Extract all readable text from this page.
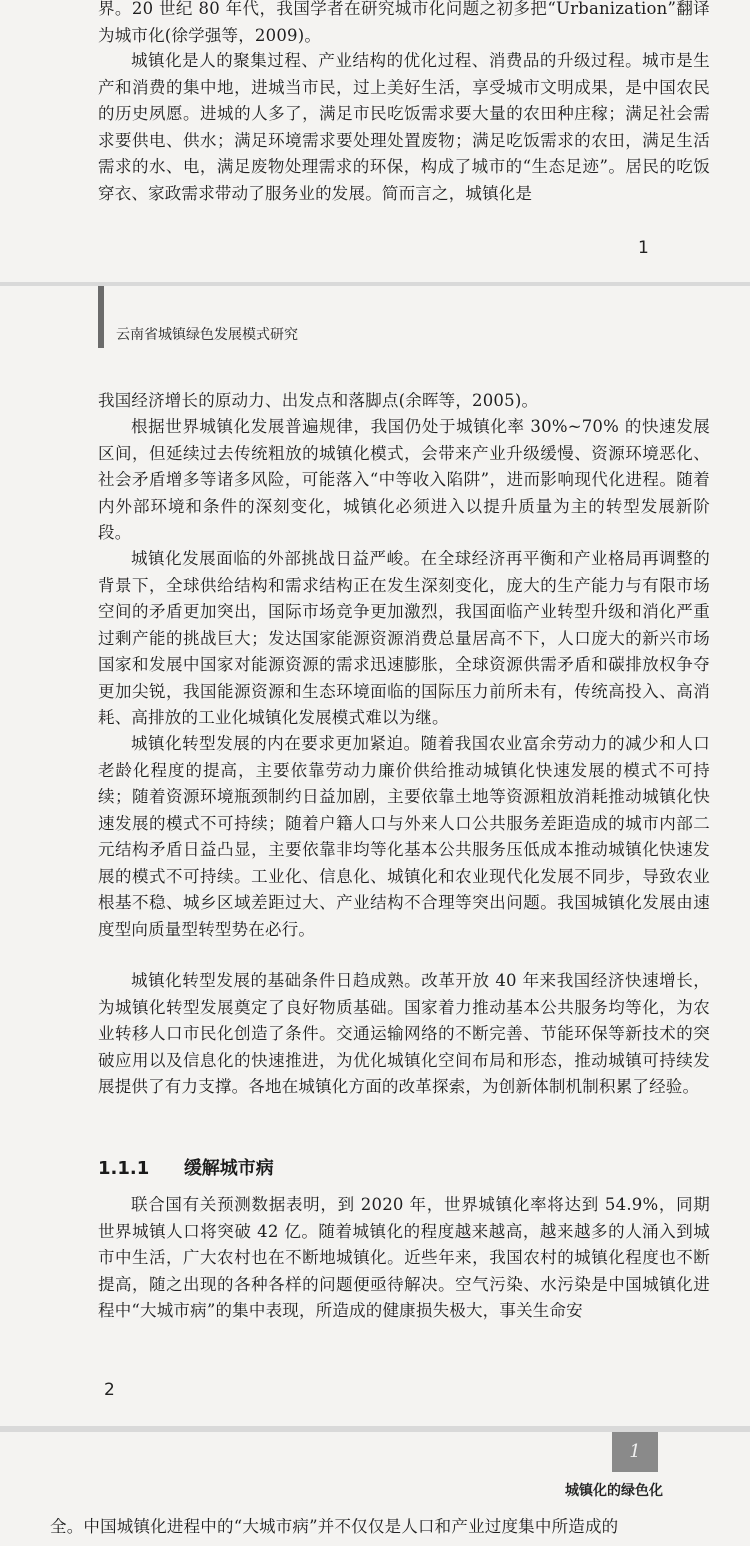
界。20 世纪 80 年代，我国学者在研究城市化问题之初多把“Urbanization”翻译为城市化(徐学强等，2009)。

城镇化是人的聚集过程、产业结构的优化过程、消费品的升级过程。城市是生产和消费的集中地，进城当市民，过上美好生活，享受城市文明成果，是中国农民的历史夙愿。进城的人多了，满足市民吃饭需求要大量的农田种庄稼；满足社会需求要供电、供水；满足环境需求要处理处置废物；满足吃饭需求的农田，满足生活需求的水、电，满足废物处理需求的环保，构成了城市的“生态足迹”。居民的吃饭穿衣、家政需求带动了服务业的发展。简而言之，城镇化是

1
云南省城镇绿色发展模式研究

我国经济增长的原动力、出发点和落脚点(余晖等，2005)。

根据世界城镇化发展普遍规律，我国仍处于城镇化率 30%~70% 的快速发展区间，但延续过去传统粗放的城镇化模式，会带来产业升级缓慢、资源环境恶化、社会矛盾增多等诸多风险，可能落入“中等收入陷阱”，进而影响现代化进程。随着内外部环境和条件的深刻变化，城镇化必须进入以提升质量为主的转型发展新阶段。

城镇化发展面临的外部挑战日益严峻。在全球经济再平衡和产业格局再调整的背景下，全球供给结构和需求结构正在发生深刻变化，庞大的生产能力与有限市场空间的矛盾更加突出，国际市场竞争更加激烈，我国面临产业转型升级和消化严重过剩产能的挑战巨大；发达国家能源资源消费总量居高不下，人口庞大的新兴市场国家和发展中国家对能源资源的需求迅速膨胀，全球资源供需矛盾和碳排放权争夺更加尖锐，我国能源资源和生态环境面临的国际压力前所未有，传统高投入、高消耗、高排放的工业化城镇化发展模式难以为继。

城镇化转型发展的内在要求更加紧迫。随着我国农业富余劳动力的减少和人口老龄化程度的提高，主要依靠劳动力廉价供给推动城镇化快速发展的模式不可持续；随着资源环境瓶颈制约日益加剧，主要依靠土地等资源粗放消耗推动城镇化快速发展的模式不可持续；随着户籍人口与外来人口公共服务差距造成的城市内部二元结构矛盾日益凸显，主要依靠非均等化基本公共服务压低成本推动城镇化快速发展的模式不可持续。工业化、信息化、城镇化和农业现代化发展不同步，导致农业根基不稳、城乡区域差距过大、产业结构不合理等突出问题。我国城镇化发展由速度型向质量型转型势在必行。

城镇化转型发展的基础条件日趋成熟。改革开放 40 年来我国经济快速增长，为城镇化转型发展奠定了良好物质基础。国家着力推动基本公共服务均等化，为农业转移人口市民化创造了条件。交通运输网络的不断完善、节能环保等新技术的突破应用以及信息化的快速推进，为优化城镇化空间布局和形态，推动城镇可持续发展提供了有力支撑。各地在城镇化方面的改革探索，为创新体制机制积累了经验。

1.1.1 缓解城市病

联合国有关预测数据表明，到 2020 年，世界城镇化率将达到 54.9%，同期世界城镇人口将突破 42 亿。随着城镇化的程度越来越高，越来越多的人涌入到城市中生活，广大农村也在不断地城镇化。近些年来，我国农村的城镇化程度也不断提高，随之出现的各种各样的问题便亟待解决。空气污染、水污染是中国城镇化进程中“大城市病”的集中表现，所造成的健康损失极大，事关生命安

2
1
城镇化的绿色化

全。中国城镇化进程中的“大城市病”并不仅仅是人口和产业过度集中所造成的
